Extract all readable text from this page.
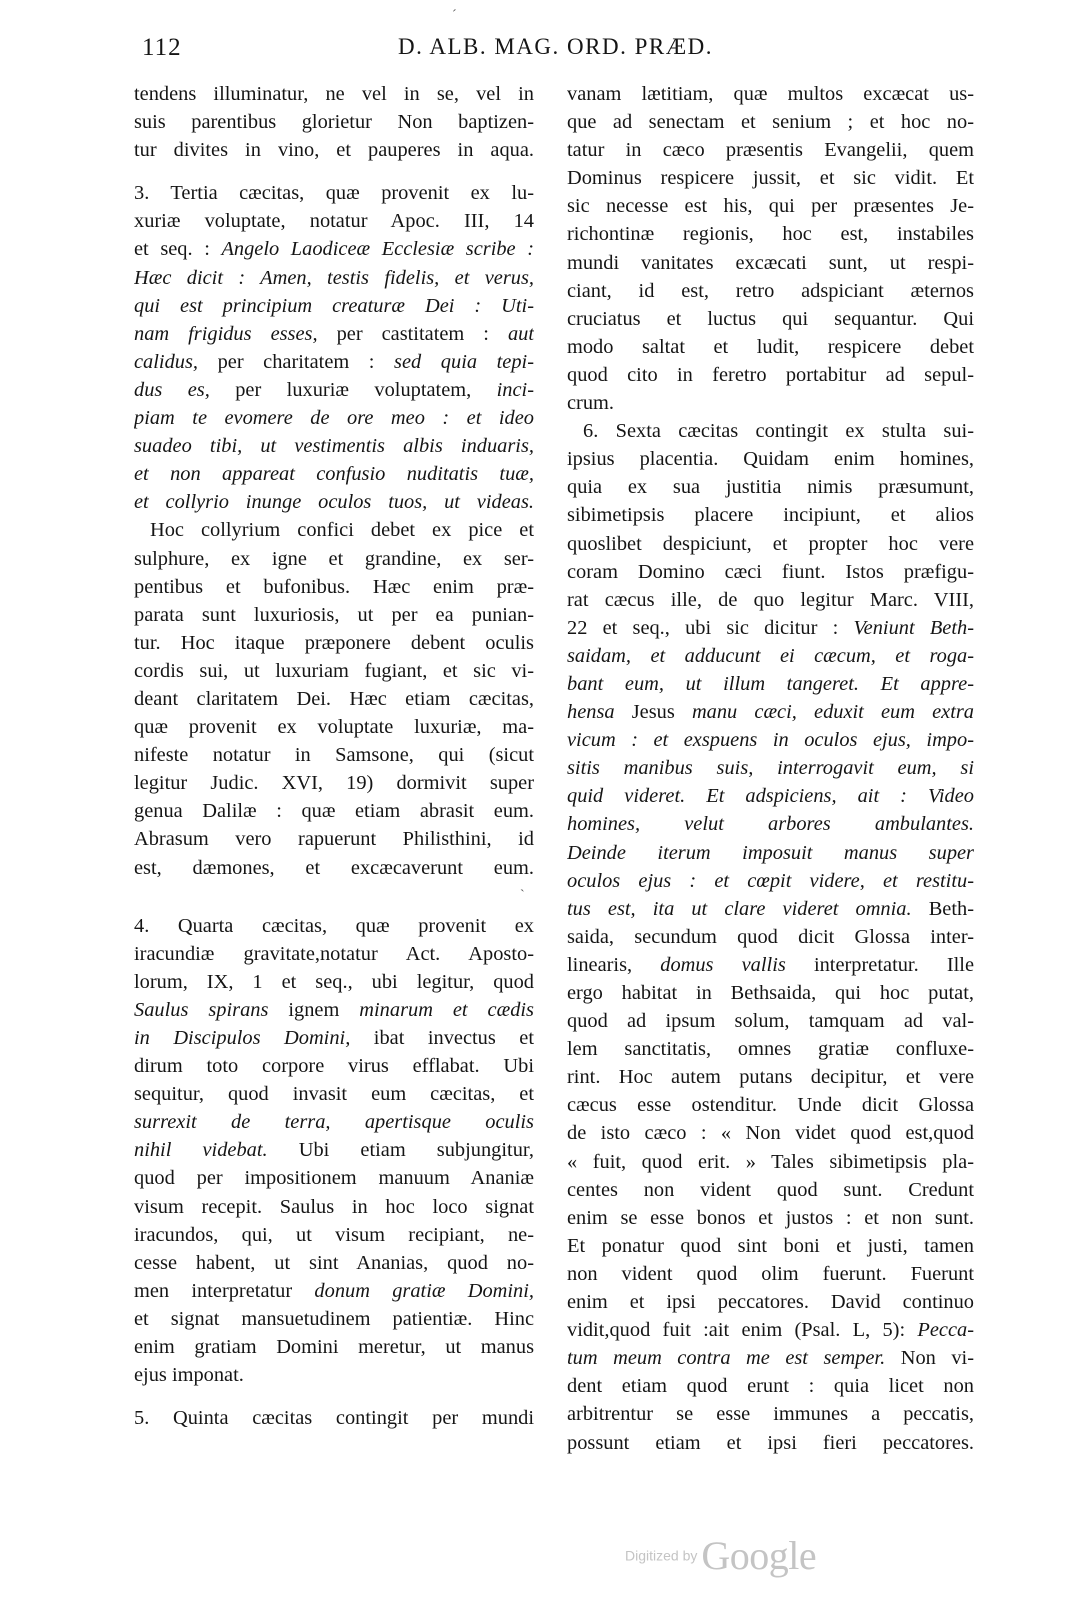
112	D. ALB. MAG. ORD. PRÆD.
ˊ
ˋ
tendens illuminatur, ne vel in se, vel in
suis parentibus glorietur Non baptizen-
tur divites in vino, et pauperes in aqua.
3. Tertia cæcitas, quæ provenit ex lu-
xuriæ voluptate, notatur Apoc. III, 14
et seq. : Angelo Laodiceæ Ecclesiæ scribe :
Hæc dicit : Amen, testis fidelis, et verus,
qui est principium creaturæ Dei : Uti-
nam frigidus esses, per castitatem : aut
calidus, per charitatem : sed quia tepi-
dus es, per luxuriæ voluptatem, inci-
piam te evomere de ore meo : et ideo
suadeo tibi, ut vestimentis albis induaris,
et non appareat confusio nuditatis tuæ,
et collyrio inunge oculos tuos, ut videas.
Hoc collyrium confici debet ex pice et
sulphure, ex igne et grandine, ex ser-
pentibus et bufonibus. Hæc enim præ-
parata sunt luxuriosis, ut per ea punian-
tur. Hoc itaque præponere debent oculis
cordis sui, ut luxuriam fugiant, et sic vi-
deant claritatem Dei. Hæc etiam cæcitas,
quæ provenit ex voluptate luxuriæ, ma-
nifeste notatur in Samsone, qui (sicut
legitur Judic. XVI, 19) dormivit super
genua Dalilæ : quæ etiam abrasit eum.
Abrasum vero rapuerunt Philisthini, id
est, dæmones, et excæcaverunt eum.
4. Quarta cæcitas, quæ provenit ex
iracundiæ gravitate,notatur Act. Aposto-
lorum, IX, 1 et seq., ubi legitur, quod
Saulus spirans ignem minarum et cædis
in Discipulos Domini, ibat invectus et
dirum toto corpore virus efflabat. Ubi
sequitur, quod invasit eum cæcitas, et
surrexit de terra, apertisque oculis
nihil videbat. Ubi etiam subjungitur,
quod per impositionem manuum Ananiæ
visum recepit. Saulus in hoc loco signat
iracundos, qui, ut visum recipiant, ne-
cesse habent, ut sint Ananias, quod no-
men interpretatur donum gratiæ Domini,
et signat mansuetudinem patientiæ. Hinc
enim gratiam Domini meretur, ut manus
ejus imponat.
5. Quinta cæcitas contingit per mundi
vanam lætitiam, quæ multos excæcat us-
que ad senectam et senium ; et hoc no-
tatur in cæco præsentis Evangelii, quem
Dominus respicere jussit, et sic vidit. Et
sic necesse est his, qui per præsentes Je-
richontinæ regionis, hoc est, instabiles
mundi vanitates excæcati sunt, ut respi-
ciant, id est, retro adspiciant æternos
cruciatus et luctus qui sequantur. Qui
modo saltat et ludit, respicere debet
quod cito in feretro portabitur ad sepul-
crum.
6. Sexta cæcitas contingit ex stulta sui-
ipsius placentia. Quidam enim homines,
quia ex sua justitia nimis præsumunt,
sibimetipsis placere incipiunt, et alios
quoslibet despiciunt, et propter hoc vere
coram Domino cæci fiunt. Istos præfigu-
rat cæcus ille, de quo legitur Marc. VIII,
22 et seq., ubi sic dicitur : Veniunt Beth-
saidam, et adducunt ei cæcum, et roga-
bant eum, ut illum tangeret. Et appre-
hensa Jesus manu cæci, eduxit eum extra
vicum : et exspuens in oculos ejus, impo-
sitis manibus suis, interrogavit eum, si
quid videret. Et adspiciens, ait : Video
homines, velut arbores ambulantes.
Deinde iterum imposuit manus super
oculos ejus : et cœpit videre, et restitu-
tus est, ita ut clare videret omnia. Beth-
saida, secundum quod dicit Glossa inter-
linearis, domus vallis interpretatur. Ille
ergo habitat in Bethsaida, qui hoc putat,
quod ad ipsum solum, tamquam ad val-
lem sanctitatis, omnes gratiæ confluxe-
rint. Hoc autem putans decipitur, et vere
cæcus esse ostenditur. Unde dicit Glossa
de isto cæco : « Non videt quod est,quod
« fuit, quod erit. » Tales sibimetipsis pla-
centes non vident quod sunt. Credunt
enim se esse bonos et justos : et non sunt.
Et ponatur quod sint boni et justi, tamen
non vident quod olim fuerunt. Fuerunt
enim et ipsi peccatores. David continuo
vidit,quod fuit :ait enim (Psal. L, 5): Pecca-
tum meum contra me est semper. Non vi-
dent etiam quod erunt : quia licet non
arbitrentur se esse immunes a peccatis,
possunt etiam et ipsi fieri peccatores.
Digitized by Google
